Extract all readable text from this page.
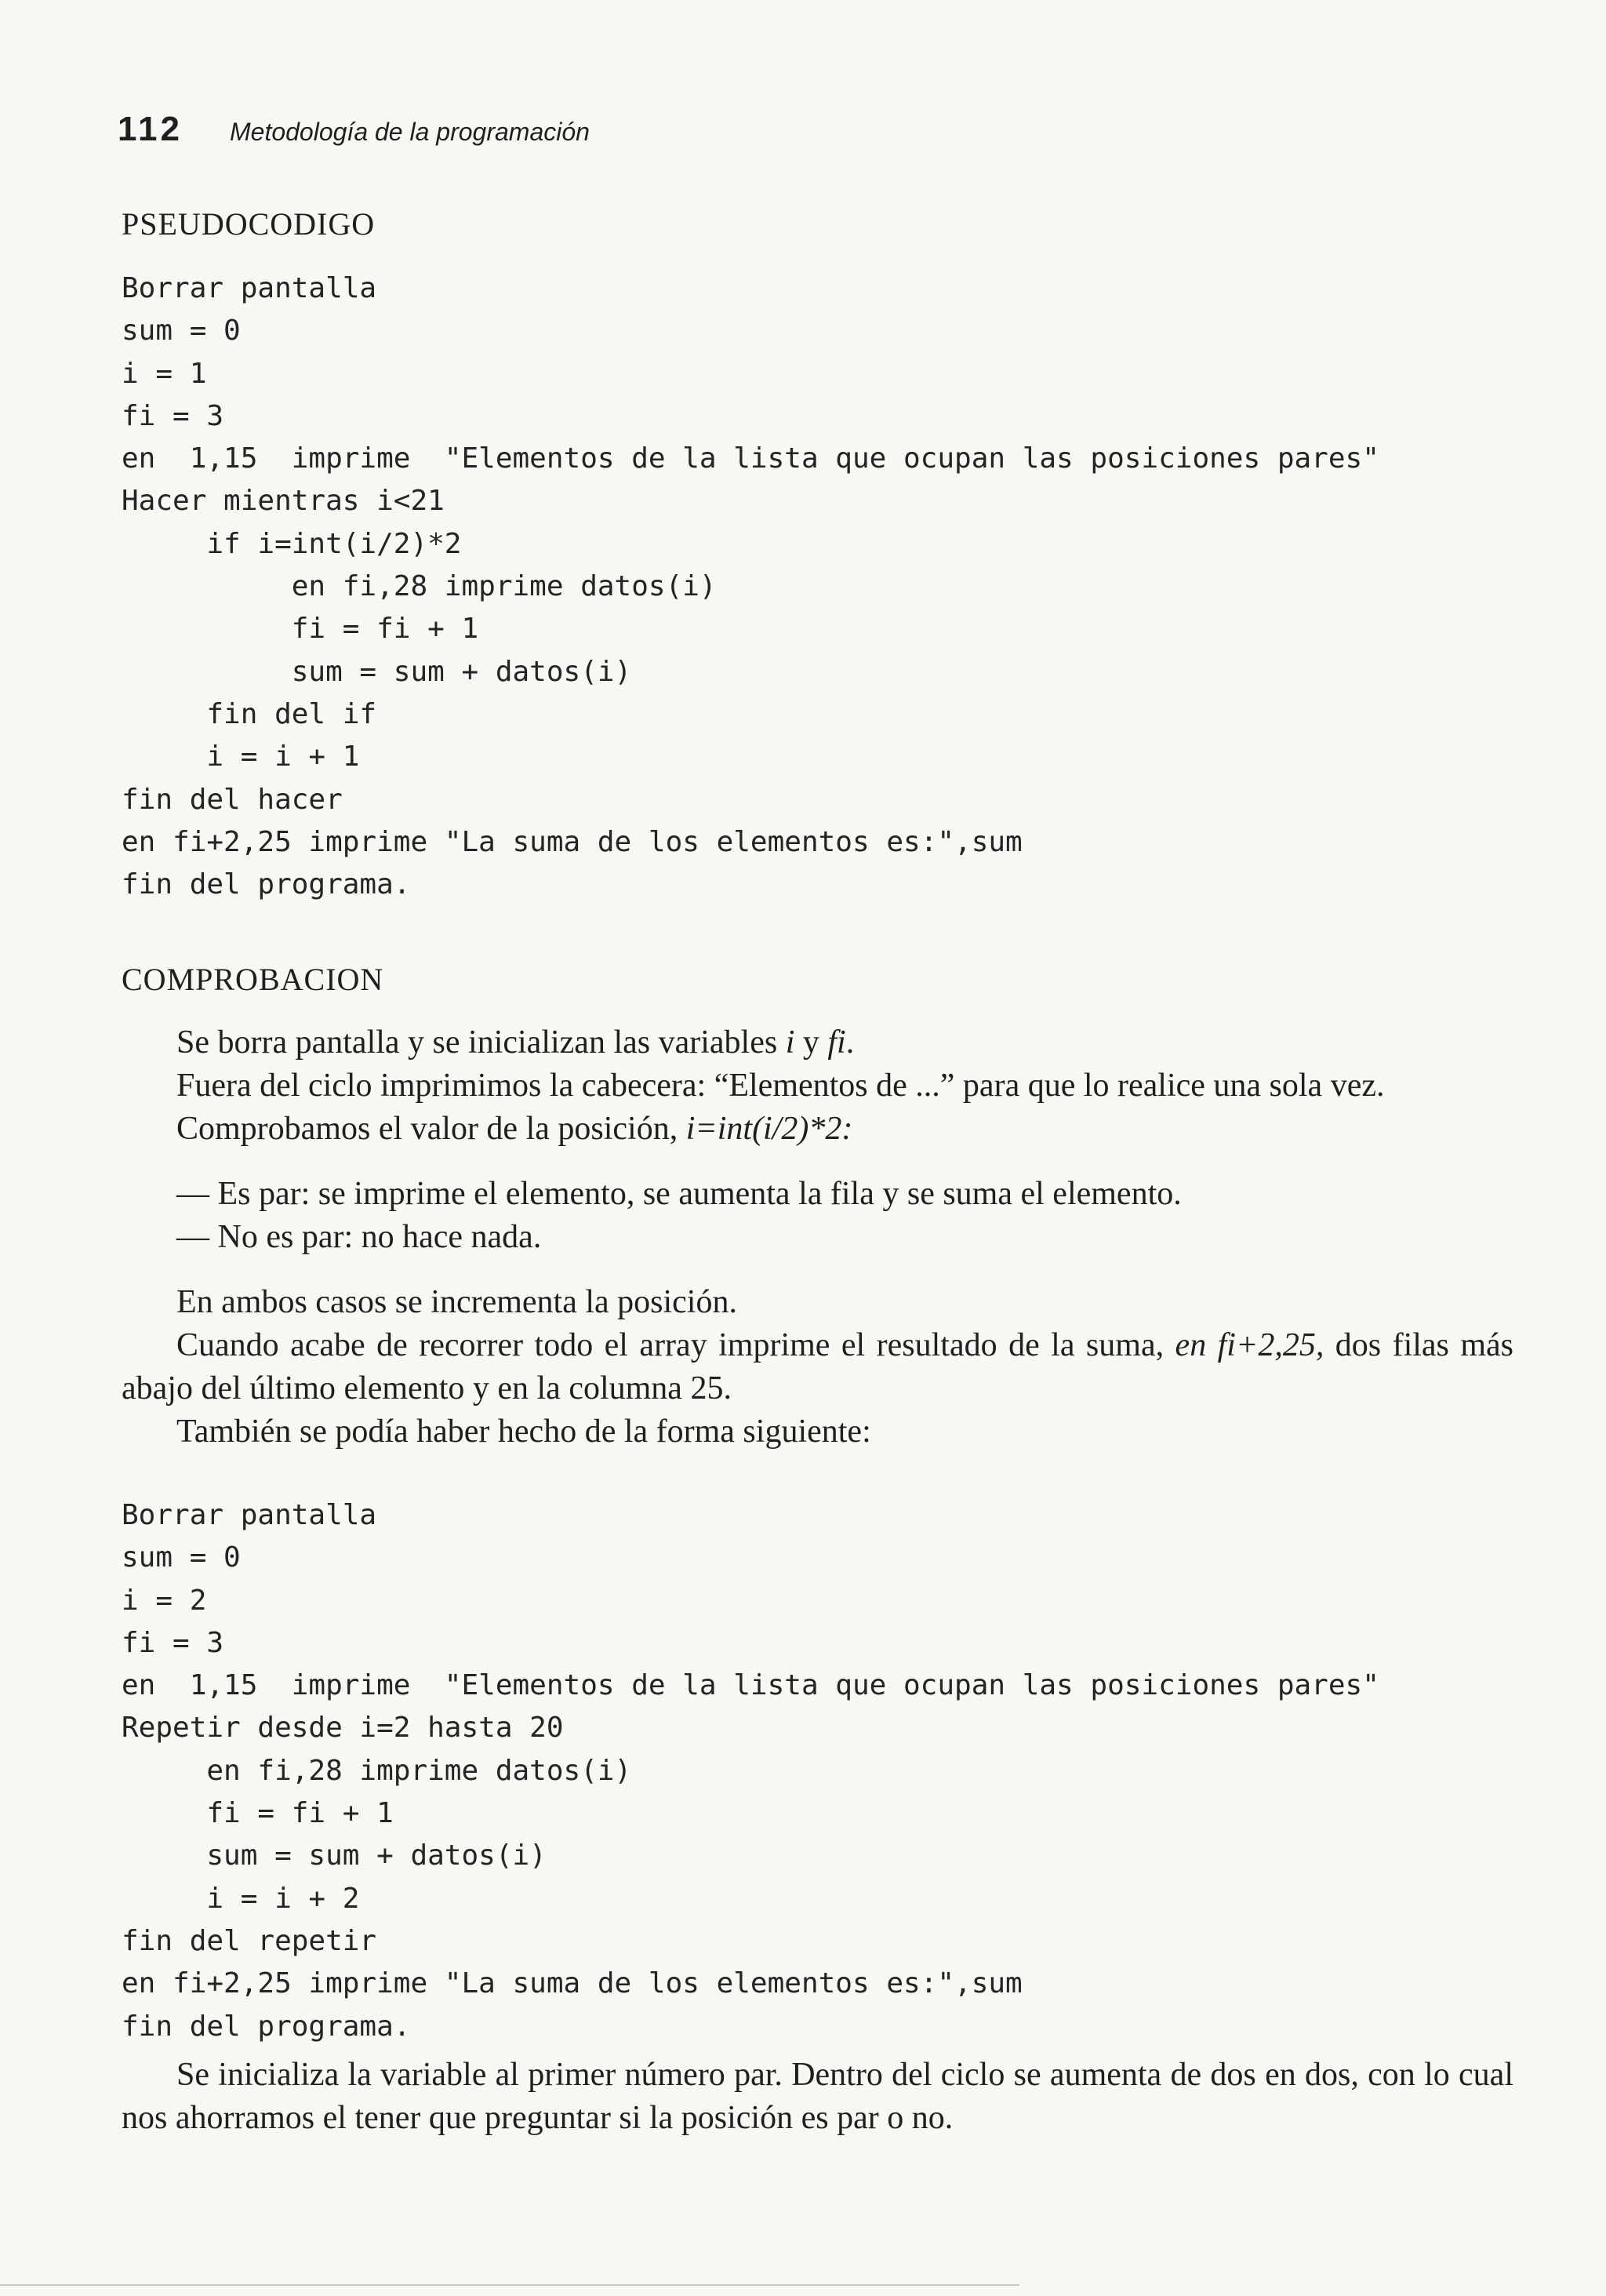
112 Metodología de la programación
PSEUDOCODIGO
Borrar pantalla
sum = 0
i = 1
fi = 3
en  1,15  imprime  "Elementos de la lista que ocupan las posiciones pares"
Hacer mientras i<21
if i=int(i/2)*2
en fi,28 imprime datos(i)
fi = fi + 1
sum = sum + datos(i)
fin del if
i = i + 1
fin del hacer
en fi+2,25 imprime "La suma de los elementos es:",sum
fin del programa.
COMPROBACION

Se borra pantalla y se inicializan las variables i y fi.

Fuera del ciclo imprimimos la cabecera: “Elementos de ...” para que lo realice una sola vez.

Comprobamos el valor de la posición, i=int(i/2)*2:

— Es par: se imprime el elemento, se aumenta la fila y se suma el elemento.
— No es par: no hace nada.

En ambos casos se incrementa la posición.

Cuando acabe de recorrer todo el array imprime el resultado de la suma, en fi+2,25, dos filas más abajo del último elemento y en la columna 25.

También se podía haber hecho de la forma siguiente:

Borrar pantalla
sum = 0
i = 2
fi = 3
en  1,15  imprime  "Elementos de la lista que ocupan las posiciones pares"
Repetir desde i=2 hasta 20
en fi,28 imprime datos(i)
fi = fi + 1
sum = sum + datos(i)
i = i + 2
fin del repetir
en fi+2,25 imprime "La suma de los elementos es:",sum
fin del programa.

Se inicializa la variable al primer número par. Dentro del ciclo se aumenta de dos en dos, con lo cual nos ahorramos el tener que preguntar si la posición es par o no.
